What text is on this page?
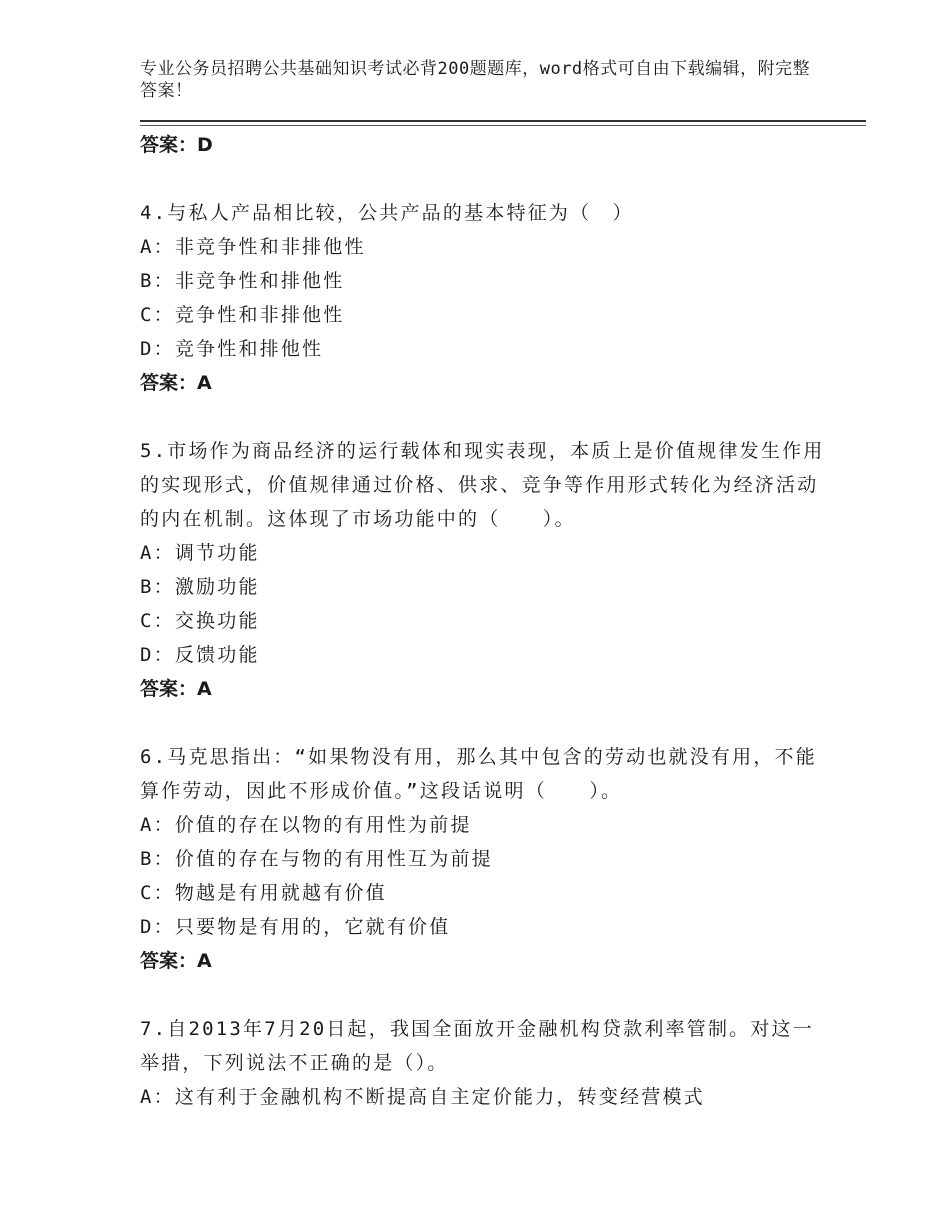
专业公务员招聘公共基础知识考试必背200题题库，word格式可自由下载编辑，附完整答案！
答案：D
4.与私人产品相比较，公共产品的基本特征为（　）
A：非竞争性和非排他性
B：非竞争性和排他性
C：竞争性和非排他性
D：竞争性和排他性
答案：A
5.市场作为商品经济的运行载体和现实表现，本质上是价值规律发生作用的实现形式，价值规律通过价格、供求、竞争等作用形式转化为经济活动的内在机制。这体现了市场功能中的（　　）。
A：调节功能
B：激励功能
C：交换功能
D：反馈功能
答案：A
6.马克思指出：“如果物没有用，那么其中包含的劳动也就没有用，不能算作劳动，因此不形成价值。”这段话说明（　　）。
A：价值的存在以物的有用性为前提
B：价值的存在与物的有用性互为前提
C：物越是有用就越有价值
D：只要物是有用的，它就有价值
答案：A
7.自2013年7月20日起，我国全面放开金融机构贷款利率管制。对这一举措，下列说法不正确的是（）。
A：这有利于金融机构不断提高自主定价能力，转变经营模式
